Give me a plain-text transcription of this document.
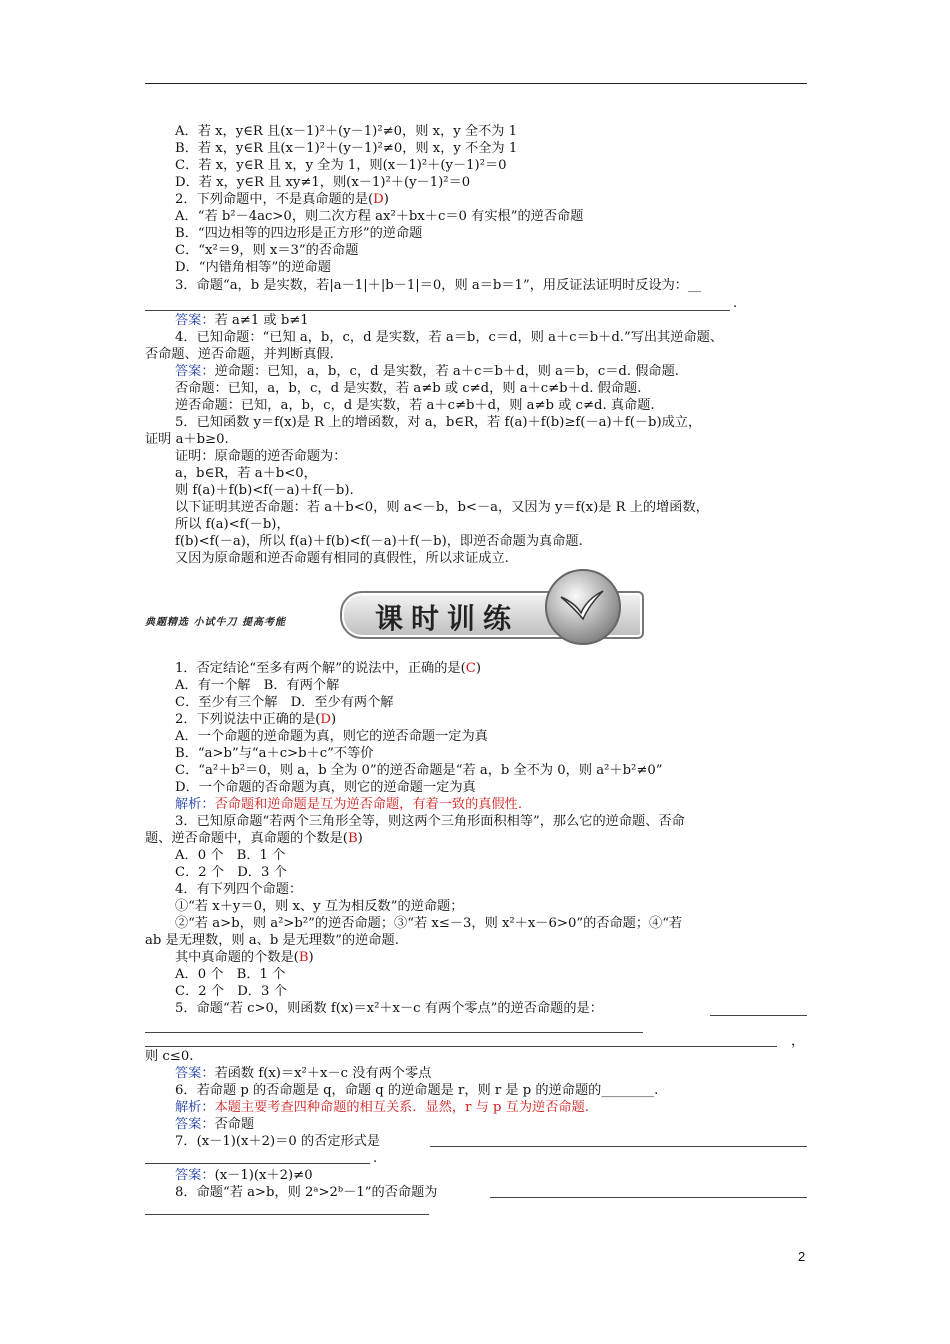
A．若 x，y∈R 且(x－1)²＋(y－1)²≠0，则 x，y 全不为 1
B．若 x，y∈R 且(x－1)²＋(y－1)²≠0，则 x，y 不全为 1
C．若 x，y∈R 且 x，y 全为 1，则(x－1)²＋(y－1)²＝0
D．若 x，y∈R 且 xy≠1，则(x－1)²＋(y－1)²＝0
2．下列命题中，不是真命题的是(D)
A．“若 b²－4ac>0，则二次方程 ax²＋bx＋c＝0 有实根”的逆否命题
B．“四边相等的四边形是正方形”的逆命题
C．“x²＝9，则 x＝3”的否命题
D．“内错角相等”的逆命题
3．命题“a，b 是实数，若|a－1|＋|b－1|＝0，则 a＝b＝1”，用反证法证明时反设为：__
.
答案：若 a≠1 或 b≠1
4．已知命题：“已知 a，b，c，d 是实数，若 a＝b，c＝d，则 a＋c＝b＋d.”写出其逆命题、
否命题、逆否命题，并判断真假.
答案：逆命题：已知，a，b，c，d 是实数，若 a＋c＝b＋d，则 a＝b，c＝d. 假命题.
否命题：已知，a，b，c，d 是实数，若 a≠b 或 c≠d，则 a＋c≠b＋d. 假命题.
逆否命题：已知，a，b，c，d 是实数，若 a＋c≠b＋d，则 a≠b 或 c≠d. 真命题.
5．已知函数 y＝f(x)是 R 上的增函数，对 a，b∈R，若 f(a)＋f(b)≥f(－a)＋f(－b)成立，
证明 a＋b≥0.
证明：原命题的逆否命题为：
a，b∈R，若 a＋b<0，
则 f(a)＋f(b)<f(－a)＋f(－b).
以下证明其逆否命题：若 a＋b<0，则 a<－b，b<－a，又因为 y＝f(x)是 R 上的增函数，
所以 f(a)<f(－b)，
f(b)<f(－a)，所以 f(a)＋f(b)<f(－a)＋f(－b)，即逆否命题为真命题.
又因为原命题和逆否命题有相同的真假性，所以求证成立.
典题精选 小试牛刀 提高考能	课时训练
1．否定结论“至多有两个解”的说法中，正确的是(C)
A．有一个解　B．有两个解
C．至少有三个解　D．至少有两个解
2．下列说法中正确的是(D)
A．一个命题的逆命题为真，则它的逆否命题一定为真
B．“a>b”与“a＋c>b＋c”不等价
C．“a²＋b²＝0，则 a，b 全为 0”的逆否命题是“若 a，b 全不为 0，则 a²＋b²≠0”
D．一个命题的否命题为真，则它的逆命题一定为真
解析：否命题和逆命题是互为逆否命题，有着一致的真假性.
3．已知原命题“若两个三角形全等，则这两个三角形面积相等”，那么它的逆命题、否命
题、逆否命题中，真命题的个数是(B)
A．0 个　B．1 个
C．2 个　D．3 个
4．有下列四个命题：
①“若 x＋y＝0，则 x、y 互为相反数”的逆命题；
②“若 a>b，则 a²>b²”的逆否命题；③“若 x≤－3，则 x²＋x－6>0”的否命题；④“若
ab 是无理数，则 a、b 是无理数”的逆命题.
其中真命题的个数是(B)
A．0 个　B．1 个
C．2 个　D．3 个
5．命题“若 c>0，则函数 f(x)＝x²＋x－c 有两个零点”的逆否命题的是：
，
则 c≤0.
答案：若函数 f(x)＝x²＋x－c 没有两个零点
6．若命题 p 的否命题是 q，命题 q 的逆命题是 r，则 r 是 p 的逆命题的________.
解析：本题主要考查四种命题的相互关系．显然，r 与 p 互为逆否命题.
答案：否命题
7．(x－1)(x＋2)＝0 的否定形式是
.
答案：(x－1)(x＋2)≠0
8．命题“若 a>b，则 2ᵃ>2ᵇ－1”的否命题为
2
